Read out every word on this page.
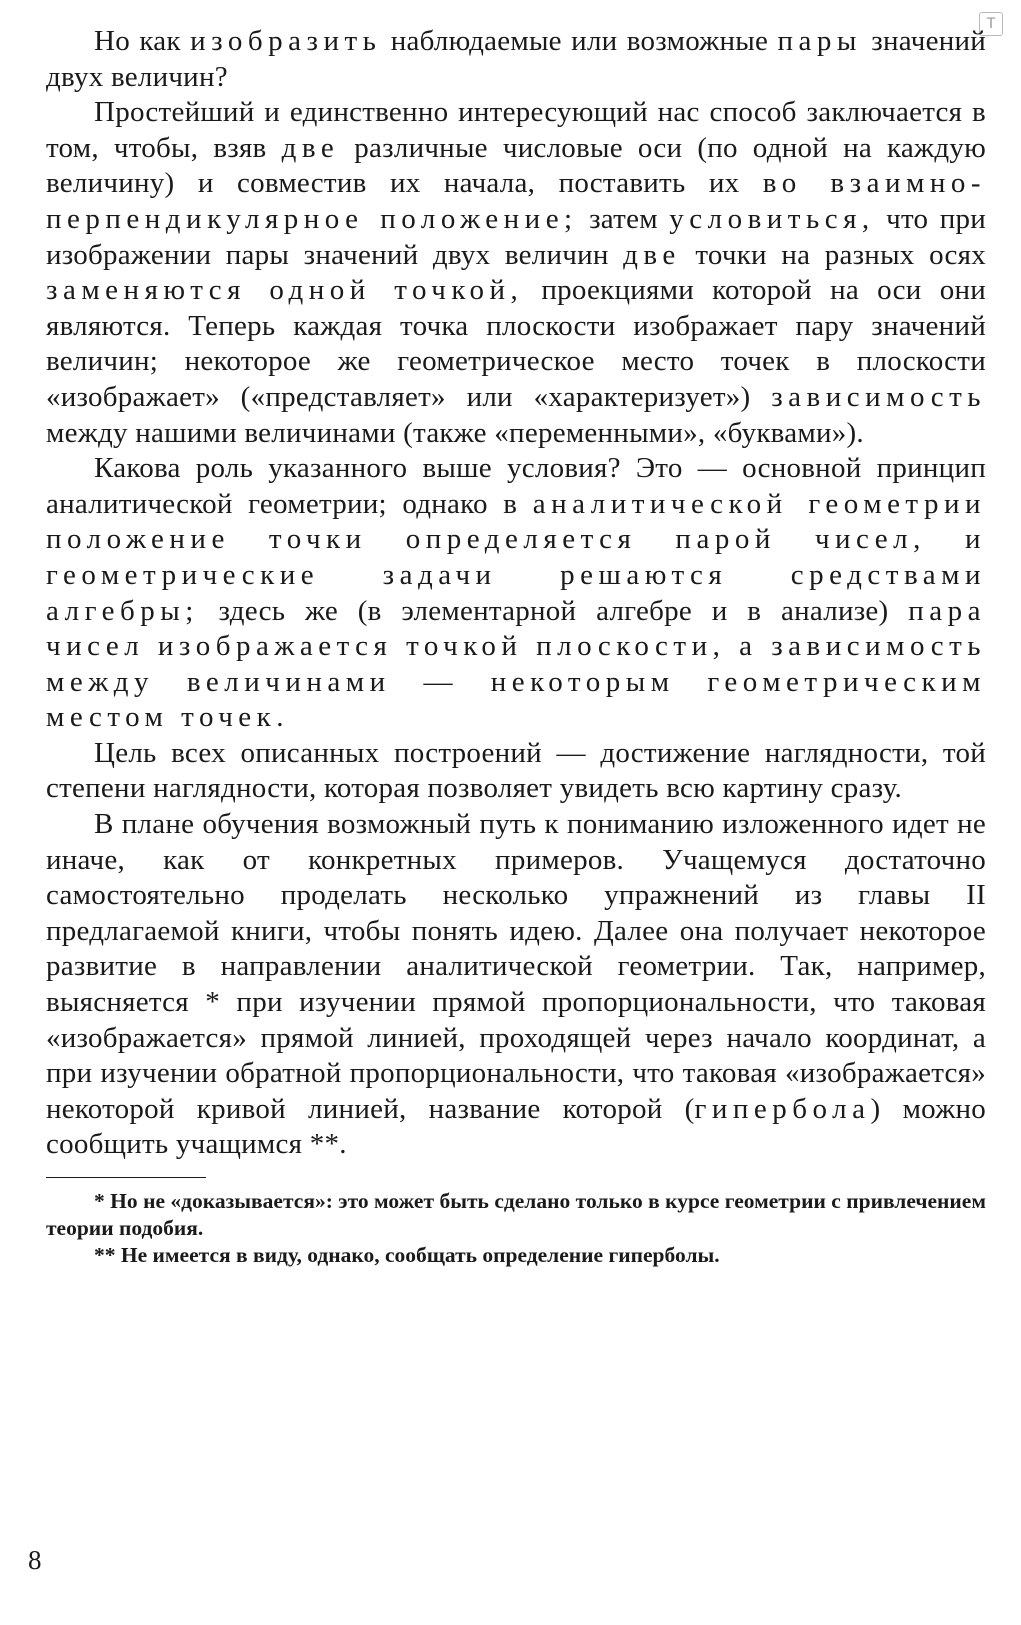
T

Но как изобразить наблюдаемые или возможные пары значений двух величин?

Простейший и единственно интересующий нас способ заключается в том, чтобы, взяв две различные числовые оси (по одной на каждую величину) и совместив их начала, поставить их во взаимно-перпендикулярное положение; затем условиться, что при изображении пары значений двух величин две точки на разных осях заменяются одной точкой, проекциями которой на оси они являются. Теперь каждая точка плоскости изображает пару значений величин; некоторое же геометрическое место точек в плоскости «изображает» («представляет» или «характеризует») зависимость между нашими величинами (также «переменными», «буквами»).

Какова роль указанного выше условия? Это — основной принцип аналитической геометрии; однако в аналитической геометрии положение точки определяется парой чисел, и геометрические задачи решаются средствами алгебры; здесь же (в элементарной алгебре и в анализе) пара чисел изображается точкой плоскости, а зависимость между величинами — некоторым геометрическим местом точек.

Цель всех описанных построений — достижение наглядности, той степени наглядности, которая позволяет увидеть всю картину сразу.

В плане обучения возможный путь к пониманию изложенного идет не иначе, как от конкретных примеров. Учащемуся достаточно самостоятельно проделать несколько упражнений из главы II предлагаемой книги, чтобы понять идею. Далее она получает некоторое развитие в направлении аналитической геометрии. Так, например, выясняется * при изучении прямой пропорциональности, что таковая «изображается» прямой линией, проходящей через начало координат, а при изучении обратной пропорциональности, что таковая «изображается» некоторой кривой линией, название которой (гипербола) можно сообщить учащимся **.

* Но не «доказывается»: это может быть сделано только в курсе геометрии с привлечением теории подобия.

** Не имеется в виду, однако, сообщать определение гиперболы.

8
